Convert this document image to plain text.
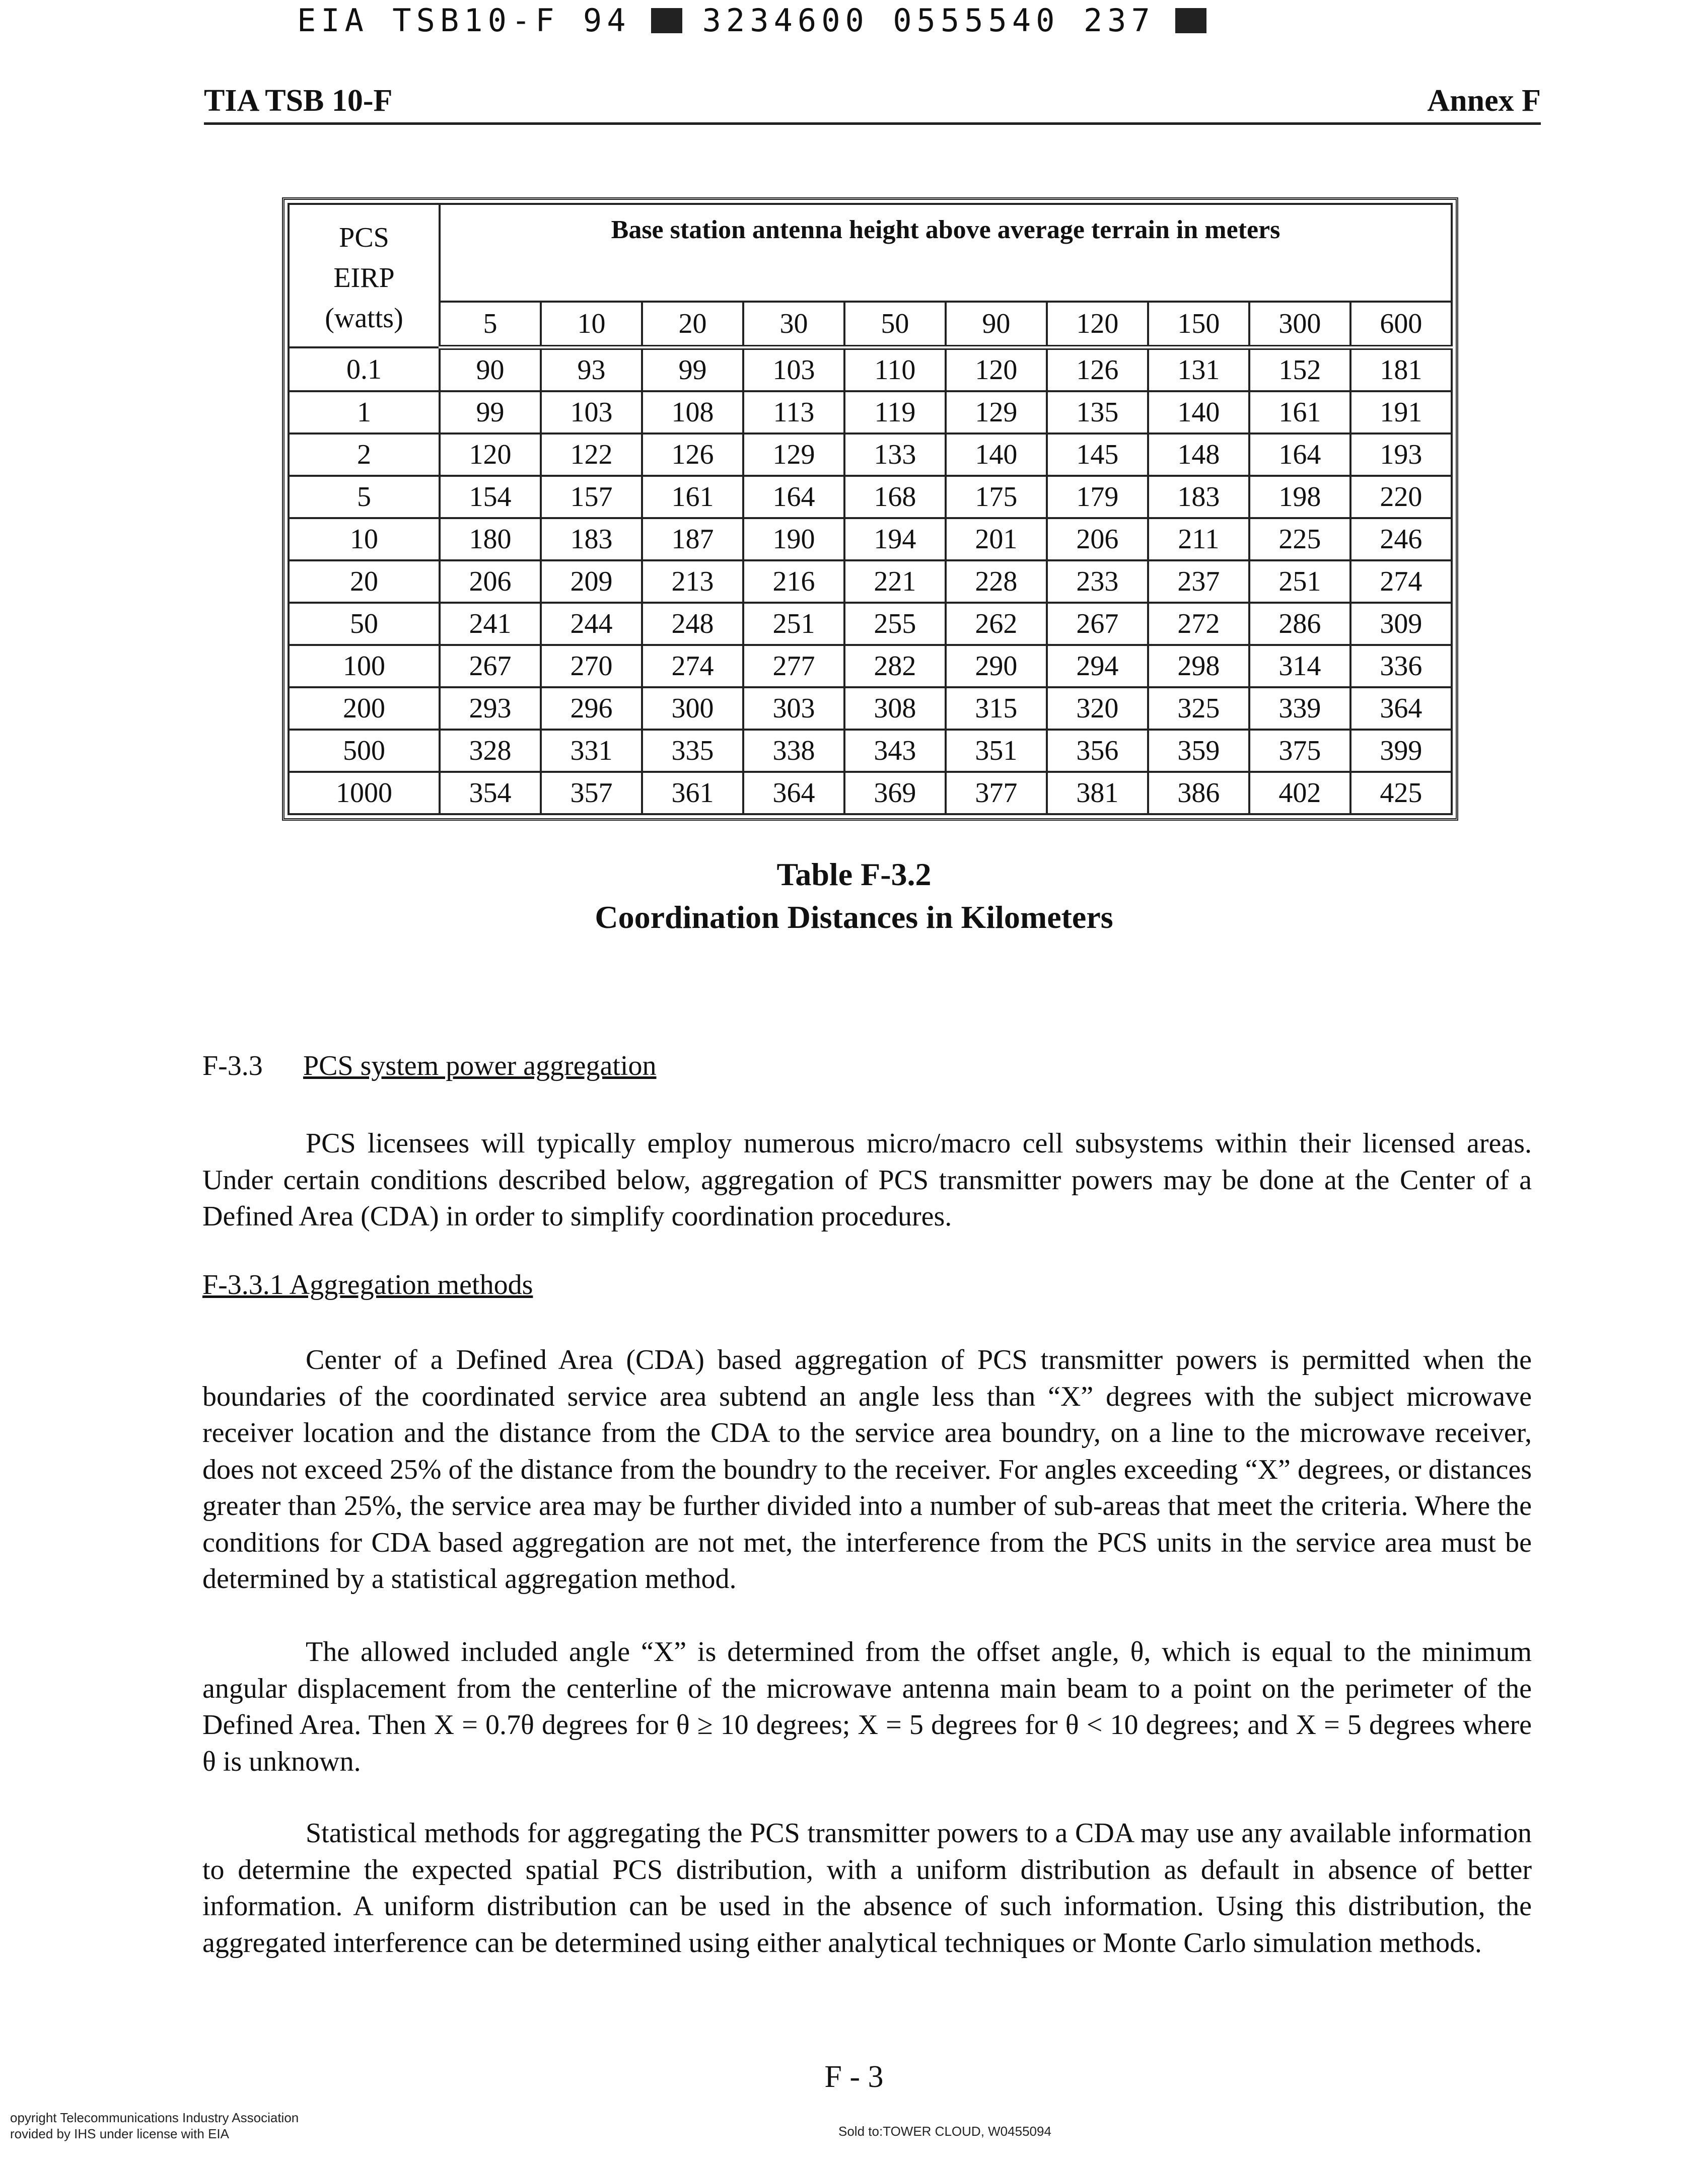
EIA TSB10-F 94 3234600 0555540 237
TIA TSB 10-F	Annex F
PCS
EIRP
(watts)	Base station antenna height above average terrain in meters									
	5	10	20	30	50	90	120	150	300	600
0.1	90	93	99	103	110	120	126	131	152	181
1	99	103	108	113	119	129	135	140	161	191
2	120	122	126	129	133	140	145	148	164	193
5	154	157	161	164	168	175	179	183	198	220
10	180	183	187	190	194	201	206	211	225	246
20	206	209	213	216	221	228	233	237	251	274
50	241	244	248	251	255	262	267	272	286	309
100	267	270	274	277	282	290	294	298	314	336
200	293	296	300	303	308	315	320	325	339	364
500	328	331	335	338	343	351	356	359	375	399
1000	354	357	361	364	369	377	381	386	402	425
Table F-3.2
Coordination Distances in Kilometers
F-3.3 PCS system power aggregation
PCS licensees will typically employ numerous micro/macro cell subsystems within their licensed areas. Under certain conditions described below, aggregation of PCS transmitter powers may be done at the Center of a Defined Area (CDA) in order to simplify coordination procedures.
F-3.3.1 Aggregation methods
Center of a Defined Area (CDA) based aggregation of PCS transmitter powers is permitted when the boundaries of the coordinated service area subtend an angle less than “X” degrees with the subject microwave receiver location and the distance from the CDA to the service area boundry, on a line to the microwave receiver, does not exceed 25% of the distance from the boundry to the receiver. For angles exceeding “X” degrees, or distances greater than 25%, the service area may be further divided into a number of sub-areas that meet the criteria. Where the conditions for CDA based aggregation are not met, the interference from the PCS units in the service area must be determined by a statistical aggregation method.
The allowed included angle “X” is determined from the offset angle, θ, which is equal to the minimum angular displacement from the centerline of the microwave antenna main beam to a point on the perimeter of the Defined Area. Then X = 0.7θ degrees for θ ≥ 10 degrees; X = 5 degrees for θ < 10 degrees; and X = 5 degrees where θ is unknown.
Statistical methods for aggregating the PCS transmitter powers to a CDA may use any available information to determine the expected spatial PCS distribution, with a uniform distribution as default in absence of better information. A uniform distribution can be used in the absence of such information. Using this distribution, the aggregated interference can be determined using either analytical techniques or Monte Carlo simulation methods.
F - 3
opyright Telecommunications Industry Association
rovided by IHS under license with EIA	Sold to:TOWER CLOUD, W0455094
